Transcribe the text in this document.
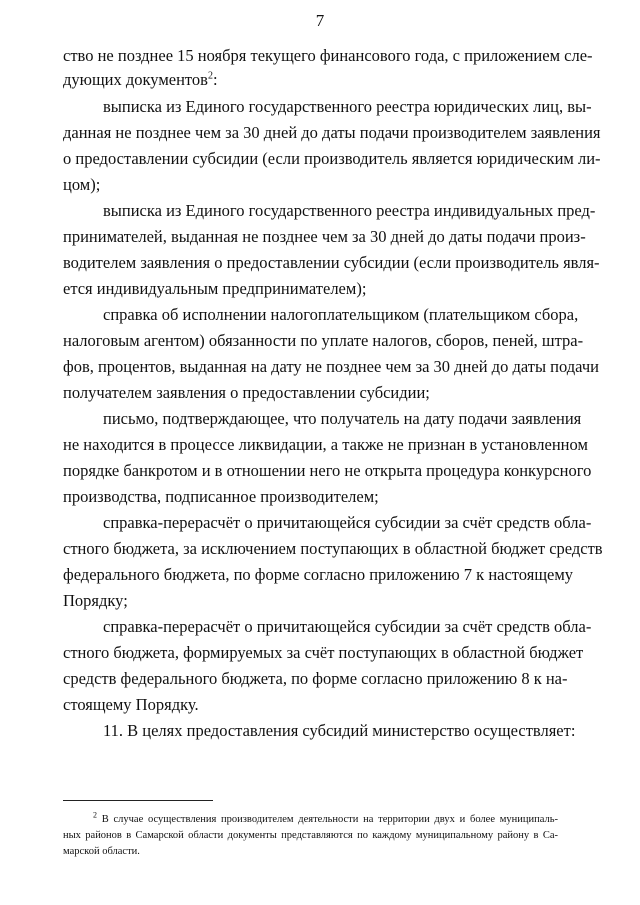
7
ство не позднее 15 ноября текущего финансового года, с приложением сле-
дующих документов$^2$:
выписка из Единого государственного реестра юридических лиц, вы-
данная не позднее чем за 30 дней до даты подачи производителем заявления
о предоставлении субсидии (если производитель является юридическим ли-
цом);
выписка из Единого государственного реестра индивидуальных пред-
принимателей, выданная не позднее чем за 30 дней до даты подачи произ-
водителем заявления о предоставлении субсидии (если производитель явля-
ется индивидуальным предпринимателем);
справка об исполнении налогоплательщиком (плательщиком сбора,
налоговым агентом) обязанности по уплате налогов, сборов, пеней, штра-
фов, процентов, выданная на дату не позднее чем за 30 дней до даты подачи
получателем заявления о предоставлении субсидии;
письмо, подтверждающее, что получатель на дату подачи заявления
не находится в процессе ликвидации, а также не признан в установленном
порядке банкротом и в отношении него не открыта процедура конкурсного
производства, подписанное производителем;
справка-перерасчёт о причитающейся субсидии за счёт средств обла-
стного бюджета, за исключением поступающих в областной бюджет средств
федерального бюджета, по форме согласно приложению 7 к настоящему
Порядку;
справка-перерасчёт о причитающейся субсидии за счёт средств обла-
стного бюджета, формируемых за счёт поступающих в областной бюджет
средств федерального бюджета, по форме согласно приложению 8 к на-
стоящему Порядку.
11. В целях предоставления субсидий министерство осуществляет:
$^2$ В случае осуществления производителем деятельности на территории двух и более муниципаль-
ных районов в Самарской области документы представляются по каждому муниципальному району в Са-
марской области.
